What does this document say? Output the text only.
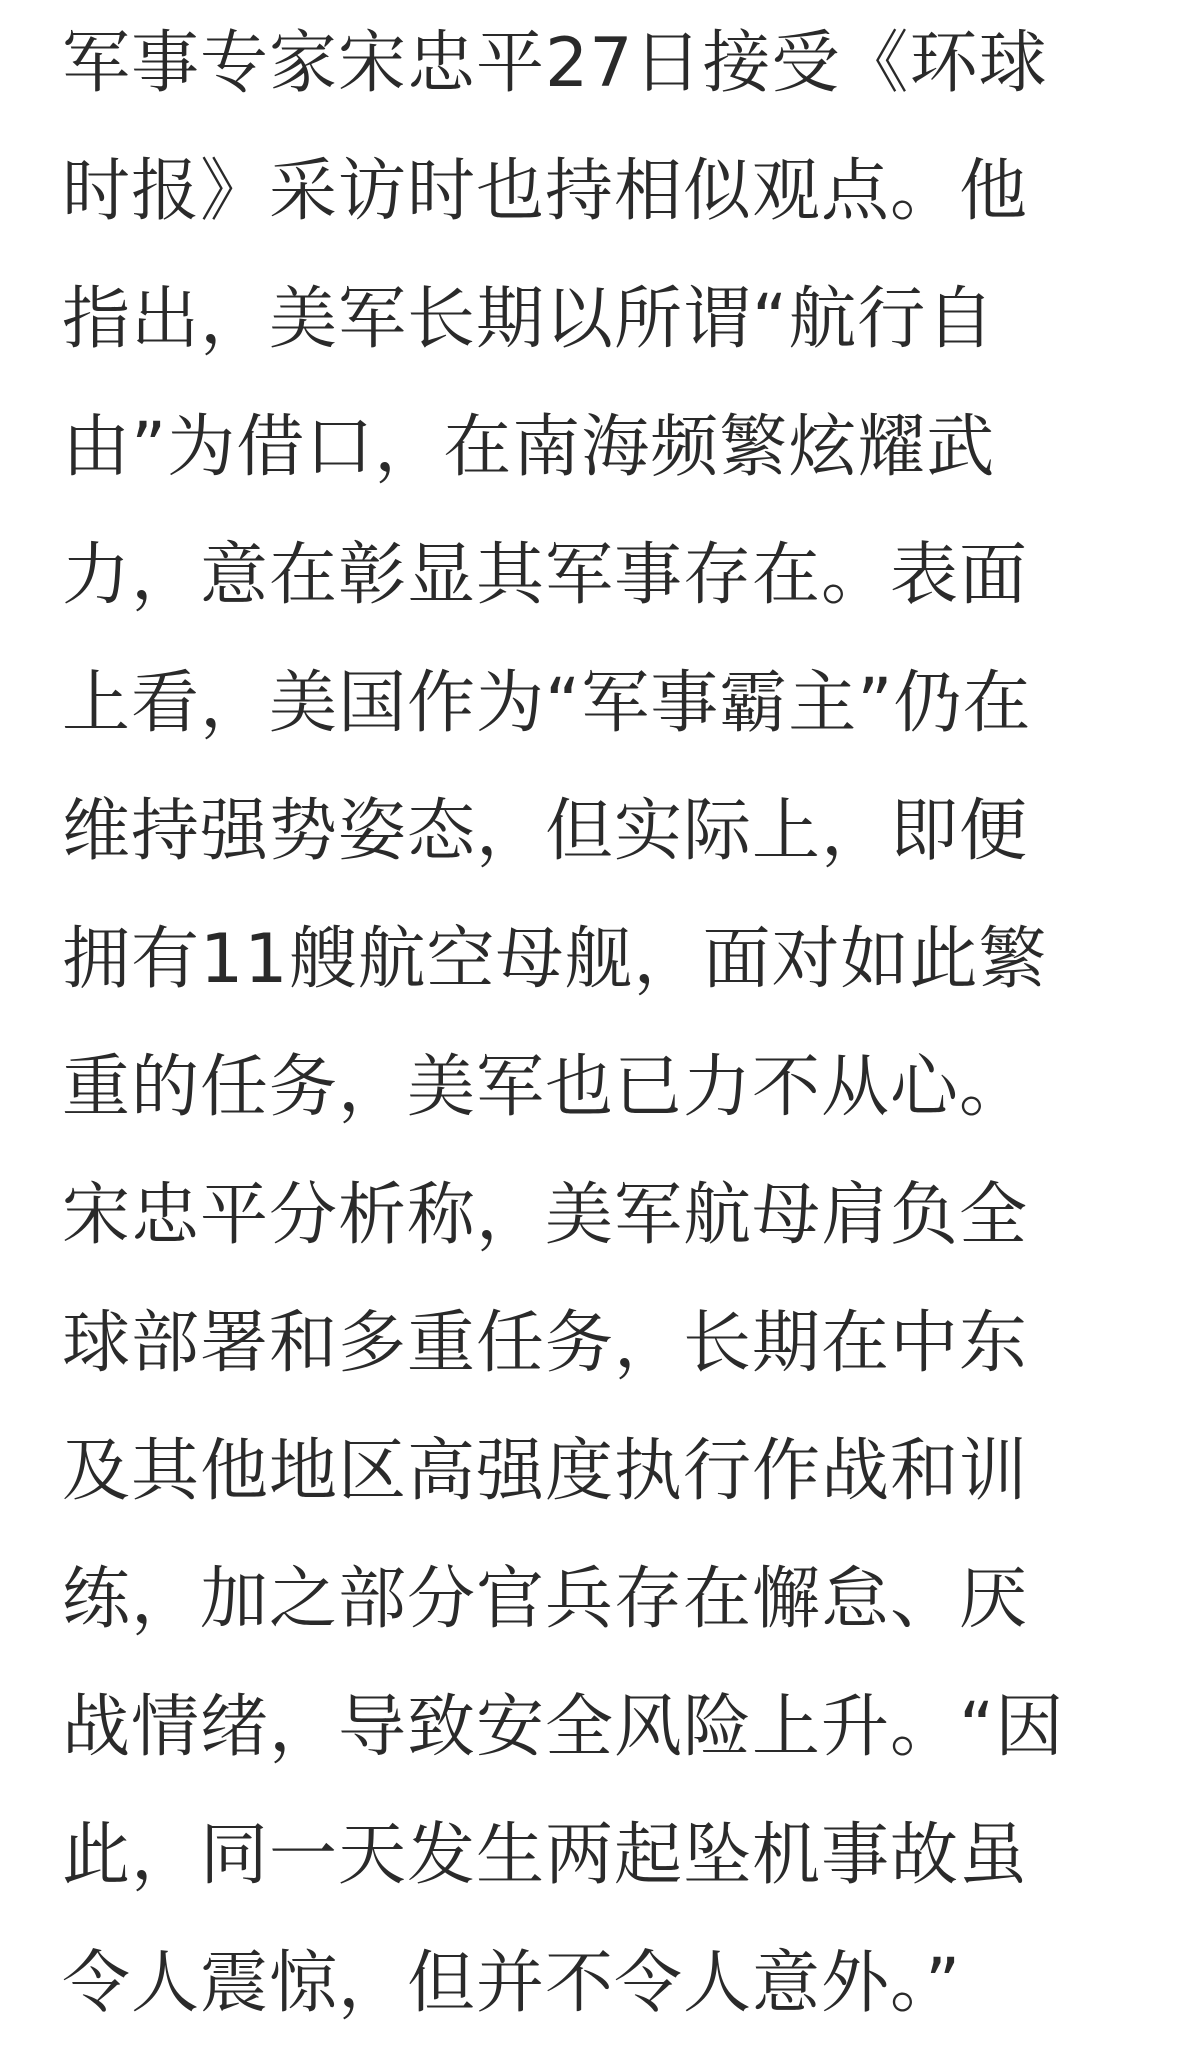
军事专家宋忠平27日接受《环球
时报》采访时也持相似观点。他
指出，美军长期以所谓“航行自
由”为借口，在南海频繁炫耀武
力，意在彰显其军事存在。表面
上看，美国作为“军事霸主”仍在
维持强势姿态，但实际上，即便
拥有11艘航空母舰，面对如此繁
重的任务，美军也已力不从心。
宋忠平分析称，美军航母肩负全
球部署和多重任务，长期在中东
及其他地区高强度执行作战和训
练，加之部分官兵存在懈怠、厌
战情绪，导致安全风险上升。“因
此，同一天发生两起坠机事故虽
令人震惊，但并不令人意外。”
